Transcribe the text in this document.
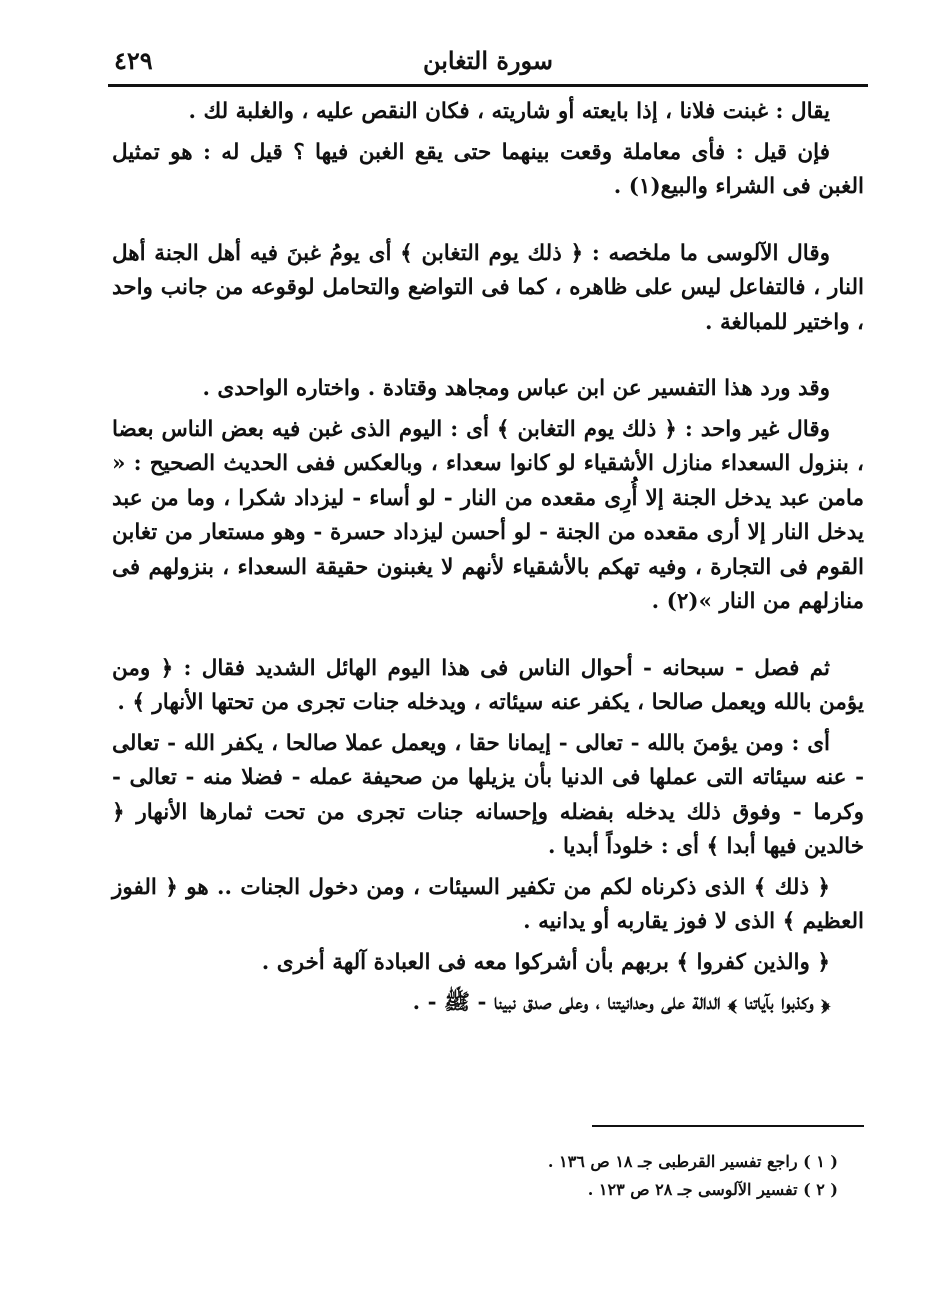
سورة التغابن
٤٢٩

يقال : غبنت فلانا ، إذا بايعته أو شاريته ، فكان النقص عليه ، والغلبة لك .

فإن قيل : فأى معاملة وقعت بينهما حتى يقع الغبن فيها ؟ قيل له : هو تمثيل الغبن فى الشراء والبيع(١) .

وقال الآلوسى ما ملخصه : ﴿ ذلك يوم التغابن ﴾ أى يومُ غبنَ فيه أهل الجنة أهل النار ، فالتفاعل ليس على ظاهره ، كما فى التواضع والتحامل لوقوعه من جانب واحد ، واختير للمبالغة .

وقد ورد هذا التفسير عن ابن عباس ومجاهد وقتادة . واختاره الواحدى .

وقال غير واحد : ﴿ ذلك يوم التغابن ﴾ أى : اليوم الذى غبن فيه بعض الناس بعضا ، بنزول السعداء منازل الأشقياء لو كانوا سعداء ، وبالعكس ففى الحديث الصحيح : « مامن عبد يدخل الجنة إلا أُرِى مقعده من النار - لو أساء - ليزداد شكرا ، وما من عبد يدخل النار إلا أرى مقعده من الجنة - لو أحسن ليزداد حسرة - وهو مستعار من تغابن القوم فى التجارة ، وفيه تهكم بالأشقياء لأنهم لا يغبنون حقيقة السعداء ، بنزولهم فى منازلهم من النار »(٢) .

ثم فصل - سبحانه - أحوال الناس فى هذا اليوم الهائل الشديد فقال : ﴿ ومن يؤمن بالله ويعمل صالحا ، يكفر عنه سيئاته ، ويدخله جنات تجرى من تحتها الأنهار ﴾ .

أى : ومن يؤمنَ بالله - تعالى - إيمانا حقا ، ويعمل عملا صالحا ، يكفر الله - تعالى - عنه سيئاته التى عملها فى الدنيا بأن يزيلها من صحيفة عمله - فضلا منه - تعالى - وكرما - وفوق ذلك يدخله بفضله وإحسانه جنات تجرى من تحت ثمارها الأنهار ﴿ خالدين فيها أبدا ﴾ أى : خلوداً أبديا .

﴿ ذلك ﴾ الذى ذكرناه لكم من تكفير السيئات ، ومن دخول الجنات .. هو ﴿ الفوز العظيم ﴾ الذى لا فوز يقاربه أو يدانيه .

﴿ والذين كفروا ﴾ بربهم بأن أشركوا معه فى العبادة آلهة أخرى .

﴿ وكذبوا بآياتنا ﴾ الدالة على وحدانيتنا ، وعلى صدق نبينا - ﷺ - .

( ١ ) راجع تفسير القرطبى جـ ١٨ ص ١٣٦ .

( ٢ ) تفسير الآلوسى جـ ٢٨ ص ١٢٣ .
